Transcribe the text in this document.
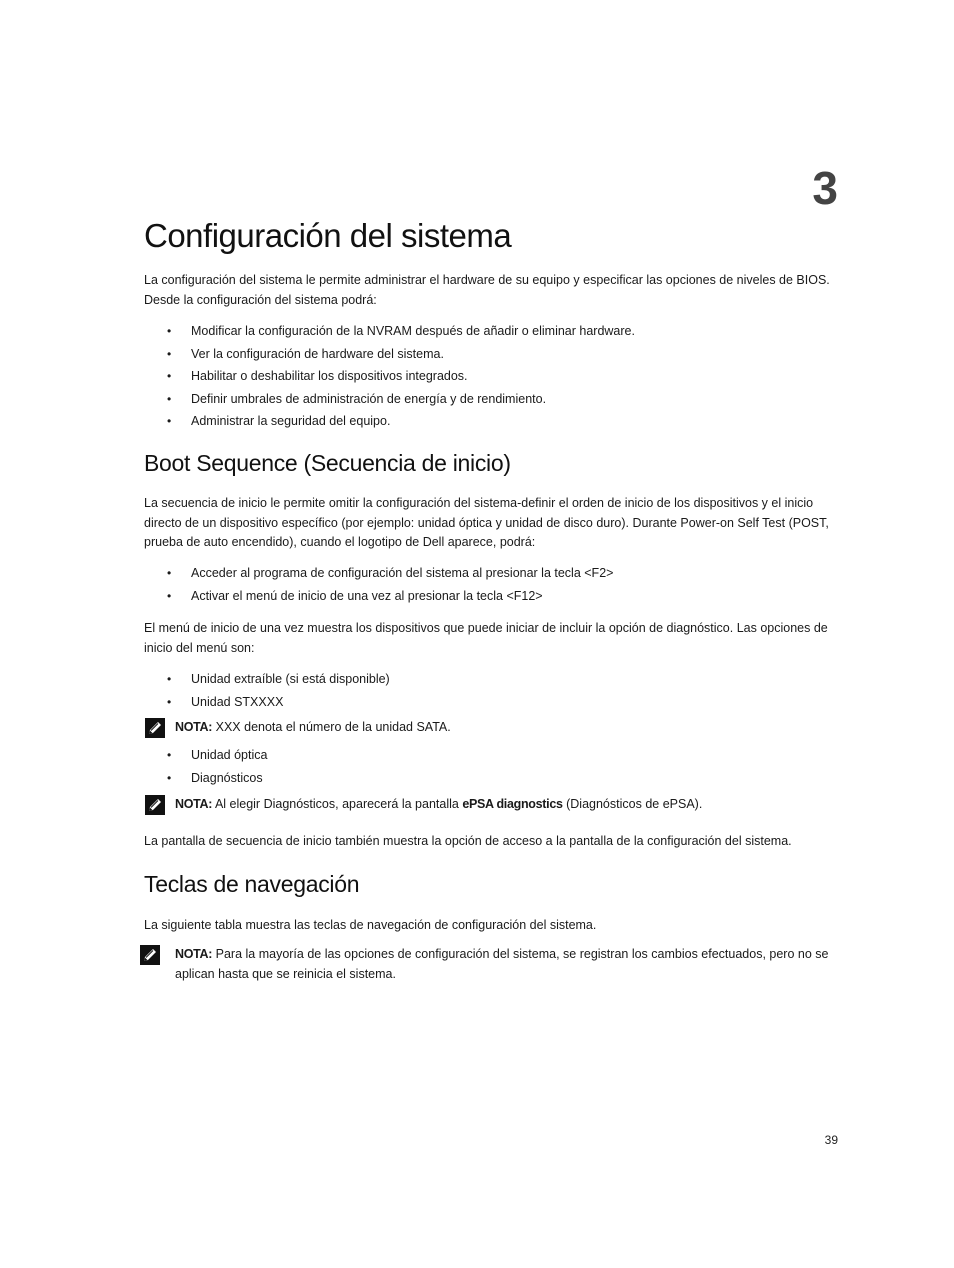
3
Configuración del sistema

La configuración del sistema le permite administrar el hardware de su equipo y especificar las opciones de niveles de BIOS. Desde la configuración del sistema podrá:

• Modificar la configuración de la NVRAM después de añadir o eliminar hardware.
• Ver la configuración de hardware del sistema.
• Habilitar o deshabilitar los dispositivos integrados.
• Definir umbrales de administración de energía y de rendimiento.
• Administrar la seguridad del equipo.
Boot Sequence (Secuencia de inicio)

La secuencia de inicio le permite omitir la configuración del sistema-definir el orden de inicio de los dispositivos y el inicio directo de un dispositivo específico (por ejemplo: unidad óptica y unidad de disco duro). Durante Power-on Self Test (POST, prueba de auto encendido), cuando el logotipo de Dell aparece, podrá:

• Acceder al programa de configuración del sistema al presionar la tecla <F2>
• Activar el menú de inicio de una vez al presionar la tecla <F12>

El menú de inicio de una vez muestra los dispositivos que puede iniciar de incluir la opción de diagnóstico. Las opciones de inicio del menú son:

• Unidad extraíble (si está disponible)
• Unidad STXXXX
NOTA: XXX denota el número de la unidad SATA.
• Unidad óptica
• Diagnósticos
NOTA: Al elegir Diagnósticos, aparecerá la pantalla ePSA diagnostics (Diagnósticos de ePSA).

La pantalla de secuencia de inicio también muestra la opción de acceso a la pantalla de la configuración del sistema.

Teclas de navegación

La siguiente tabla muestra las teclas de navegación de configuración del sistema.

NOTA: Para la mayoría de las opciones de configuración del sistema, se registran los cambios efectuados, pero no se aplican hasta que se reinicia el sistema.
39
